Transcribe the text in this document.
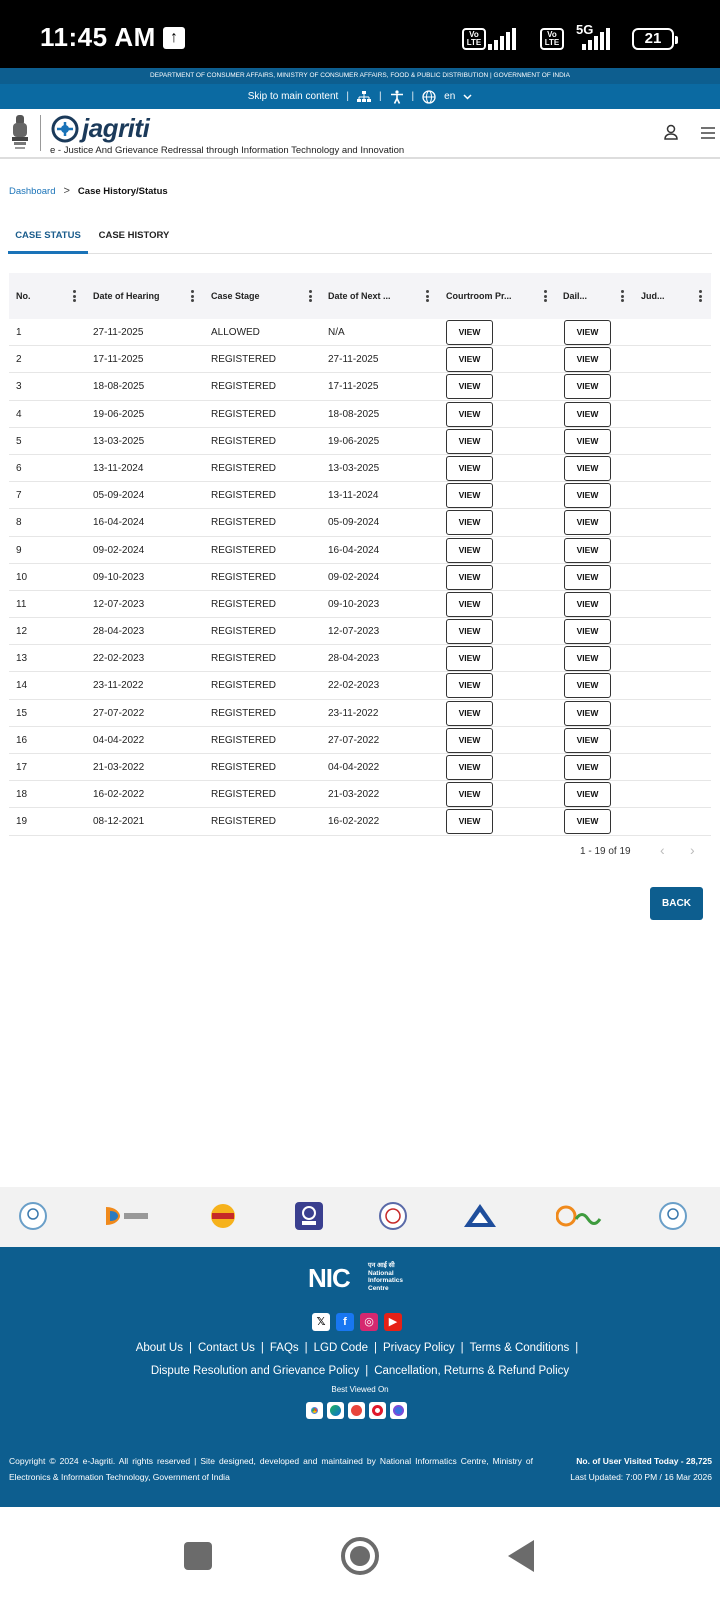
11:45 AM ↑	Vo LTE
Vo LTE
5G
21
DEPARTMENT OF CONSUMER AFFAIRS, MINISTRY OF CONSUMER AFFAIRS, FOOD & PUBLIC DISTRIBUTION | GOVERNMENT OF INDIA
Skip to main content |	|	|	en
jagriti
e - Justice And Grievance Redressal through Information Technology and Innovation
Dashboard > Case History/Status
CASE STATUS	CASE HISTORY
No.	Date of Hearing	Case Stage	Date of Next ...	Courtroom Pr...	Dail...	Jud...
1	27-11-2025	ALLOWED	N/A	VIEW	VIEW
2	17-11-2025	REGISTERED	27-11-2025	VIEW	VIEW
3	18-08-2025	REGISTERED	17-11-2025	VIEW	VIEW
4	19-06-2025	REGISTERED	18-08-2025	VIEW	VIEW
5	13-03-2025	REGISTERED	19-06-2025	VIEW	VIEW
6	13-11-2024	REGISTERED	13-03-2025	VIEW	VIEW
7	05-09-2024	REGISTERED	13-11-2024	VIEW	VIEW
8	16-04-2024	REGISTERED	05-09-2024	VIEW	VIEW
9	09-02-2024	REGISTERED	16-04-2024	VIEW	VIEW
10	09-10-2023	REGISTERED	09-02-2024	VIEW	VIEW
11	12-07-2023	REGISTERED	09-10-2023	VIEW	VIEW
12	28-04-2023	REGISTERED	12-07-2023	VIEW	VIEW
13	22-02-2023	REGISTERED	28-04-2023	VIEW	VIEW
14	23-11-2022	REGISTERED	22-02-2023	VIEW	VIEW
15	27-07-2022	REGISTERED	23-11-2022	VIEW	VIEW
16	04-04-2022	REGISTERED	27-07-2022	VIEW	VIEW
17	21-03-2022	REGISTERED	04-04-2022	VIEW	VIEW
18	16-02-2022	REGISTERED	21-03-2022	VIEW	VIEW
19	08-12-2021	REGISTERED	16-02-2022	VIEW	VIEW
1 - 19 of 19 ‹ ›
BACK
NIC	एन आई सी
National
Informatics
Centre
𝕏	f	◎	▶
About Us | Contact Us | FAQs | LGD Code | Privacy Policy | Terms & Conditions |
Dispute Resolution and Grievance Policy | Cancellation, Returns & Refund Policy
Best Viewed On
Copyright © 2024 e-Jagriti. All rights reserved | Site designed, developed and maintained by National Informatics Centre, Ministry of Electronics & Information Technology, Government of India
No. of User Visited Today - 28,725
Last Updated: 7:00 PM / 16 Mar 2026
